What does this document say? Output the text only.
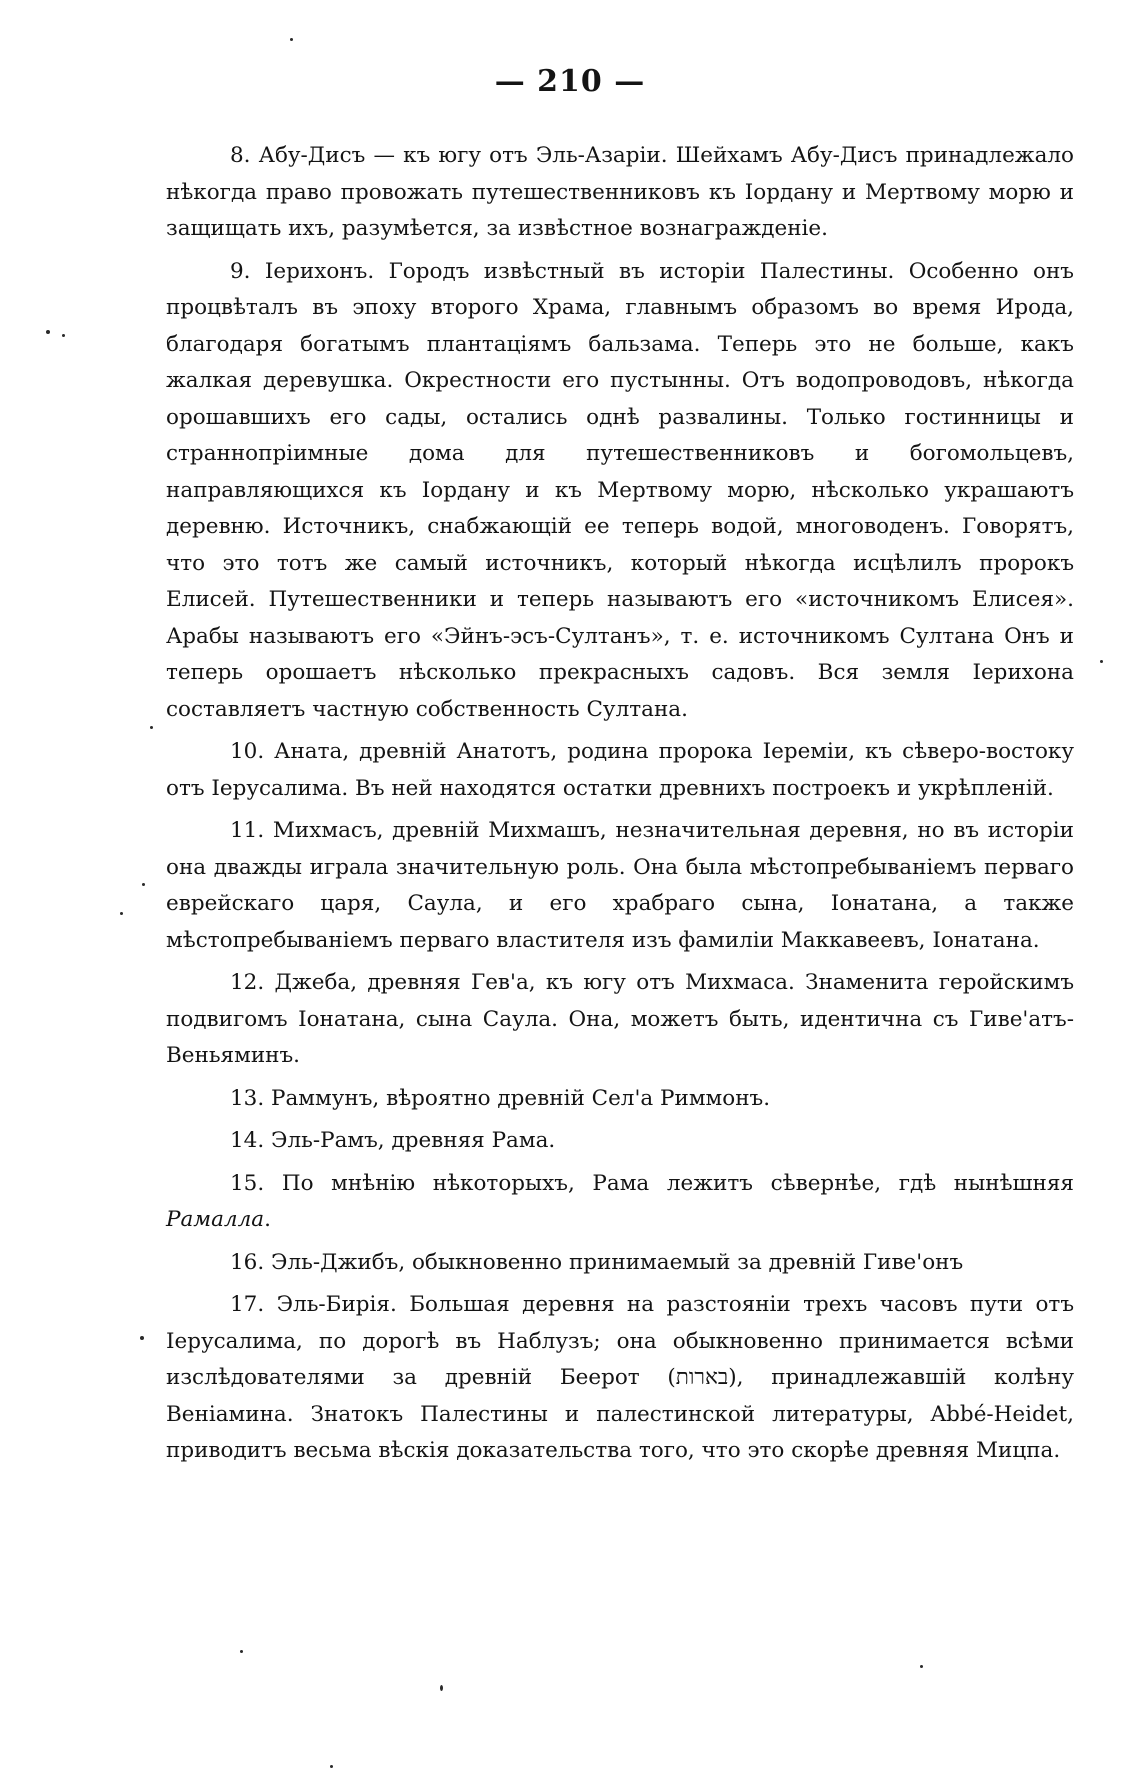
— 210 —

8. Абу-Дисъ — къ югу отъ Эль-Азаріи. Шейхамъ Абу-Дисъ принадлежало нѣкогда право провожать путешественниковъ къ Іордану и Мертвому морю и защищать ихъ, разумѣется, за извѣстное вознагражденіе.

9. Іерихонъ. Городъ извѣстный въ исторіи Палестины. Особенно онъ процвѣталъ въ эпоху второго Храма, главнымъ образомъ во время Ирода, благодаря богатымъ плантаціямъ бальзама. Теперь это не больше, какъ жалкая деревушка. Окрестности его пустынны. Отъ водопроводовъ, нѣкогда орошавшихъ его сады, остались однѣ развалины. Только гостинницы и страннопріимные дома для путешественниковъ и богомольцевъ, направляющихся къ Іордану и къ Мертвому морю, нѣсколько украшаютъ деревню. Источникъ, снабжающій ее теперь водой, многоводенъ. Говорятъ, что это тотъ же самый источникъ, который нѣкогда исцѣлилъ пророкъ Елисей. Путешественники и теперь называютъ его «источникомъ Елисея». Арабы называютъ его «Эйнъ-эсъ-Султанъ», т. е. источникомъ Султана Онъ и теперь орошаетъ нѣсколько прекрасныхъ садовъ. Вся земля Іерихона составляетъ частную собственность Султана.

10. Аната, древній Анатотъ, родина пророка Іереміи, къ сѣверо-востоку отъ Іерусалима. Въ ней находятся остатки древнихъ построекъ и укрѣпленій.

11. Михмасъ, древній Михмашъ, незначительная деревня, но въ исторіи она дважды играла значительную роль. Она была мѣстопребываніемъ перваго еврейскаго царя, Саула, и его храбраго сына, Іонатана, а также мѣстопребываніемъ перваго властителя изъ фамиліи Маккавеевъ, Іонатана.

12. Джеба, древняя Гев'а, къ югу отъ Михмаса. Знаменита геройскимъ подвигомъ Іонатана, сына Саула. Она, можетъ быть, идентична съ Гиве'атъ-Веньяминъ.

13. Раммунъ, вѣроятно древній Сел'а Риммонъ.

14. Эль-Рамъ, древняя Рама.

15. По мнѣнію нѣкоторыхъ, Рама лежитъ сѣвернѣе, гдѣ нынѣшняя Рамалла.

16. Эль-Джибъ, обыкновенно принимаемый за древній Гиве'онъ

17. Эль-Бирія. Большая деревня на разстояніи трехъ часовъ пути отъ Іерусалима, по дорогѣ въ Наблузъ; она обыкновенно принимается всѣми изслѣдователями за древній Беерот (בארות), принадлежавшій колѣну Веніамина. Знатокъ Палестины и палестинской литературы, Abbé-Heidet, приводитъ весьма вѣскія доказательства того, что это скорѣе древняя Мицпа.
